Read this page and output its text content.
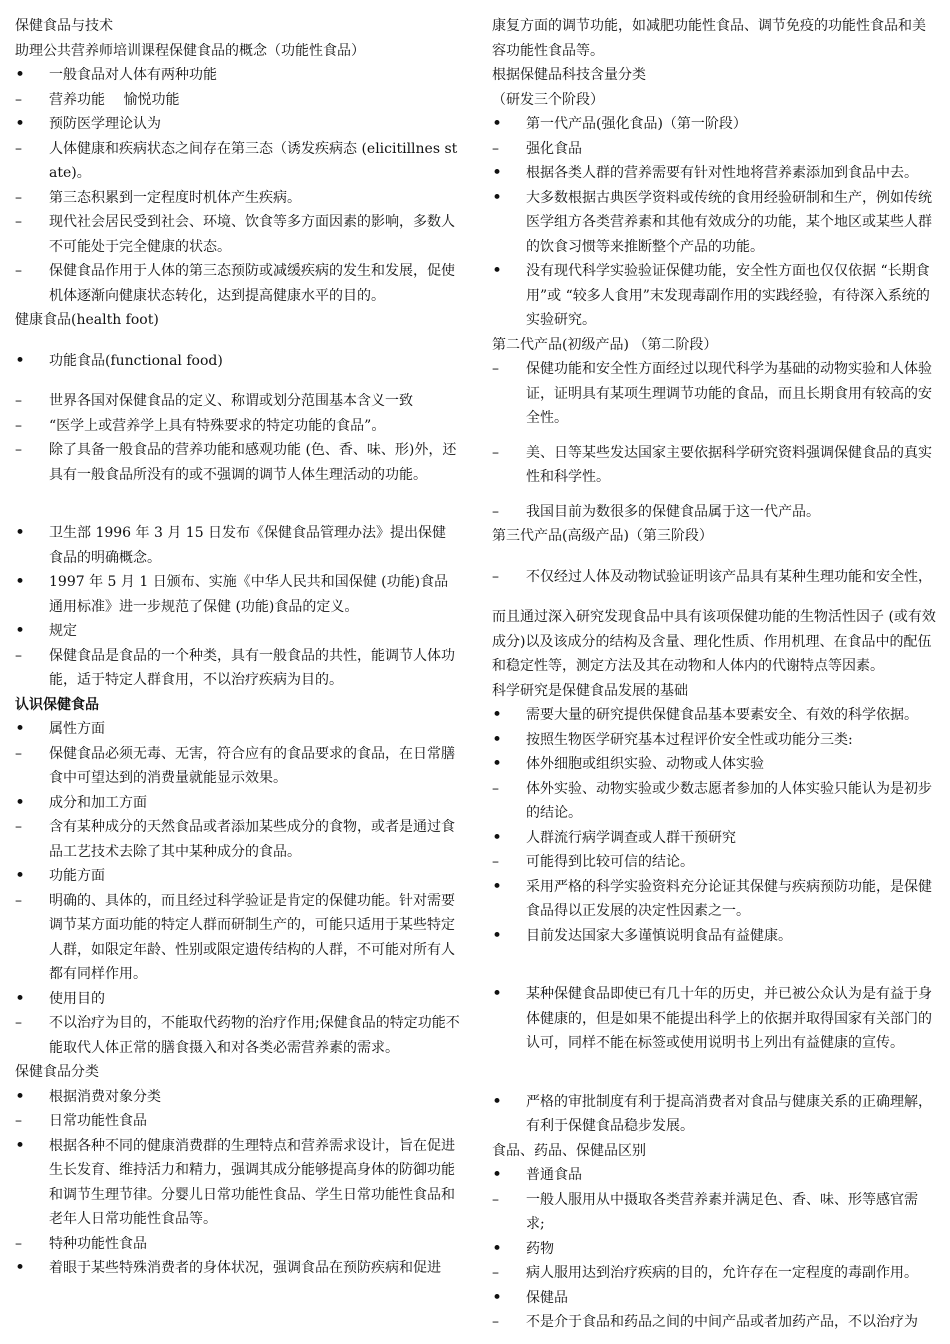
保健食品与技术
助理公共营养师培训课程保健食品的概念（功能性食品）
• 一般食品对人体有两种功能
– 营养功能　 愉悦功能
• 预防医学理论认为
– 人体健康和疾病状态之间存在第三态（诱发疾病态 (elicitillnes state)。
– 第三态积累到一定程度时机体产生疾病。
– 现代社会居民受到社会、环境、饮食等多方面因素的影响，多数人不可能处于完全健康的状态。
– 保健食品作用于人体的第三态预防或减缓疾病的发生和发展，促使机体逐渐向健康状态转化，达到提高健康水平的目的。
健康食品(health foot)
• 功能食品(functional food)
– 世界各国对保健食品的定义、称谓或划分范围基本含义一致
– “医学上或营养学上具有特殊要求的特定功能的食品”。
– 除了具备一般食品的营养功能和感观功能 (色、香、味、形)外，还具有一般食品所没有的或不强调的调节人体生理活动的功能。
• 卫生部 1996 年 3 月 15 日发布《保健食品管理办法》提出保健食品的明确概念。
• 1997 年 5 月 1 日颁布、实施《中华人民共和国保健 (功能)食品通用标准》进一步规范了保健 (功能)食品的定义。
• 规定
– 保健食品是食品的一个种类，具有一般食品的共性，能调节人体功能，适于特定人群食用，不以治疗疾病为目的。
认识保健食品
• 属性方面
– 保健食品必须无毒、无害，符合应有的食品要求的食品，在日常膳食中可望达到的消费量就能显示效果。
• 成分和加工方面
– 含有某种成分的天然食品或者添加某些成分的食物，或者是通过食品工艺技术去除了其中某种成分的食品。
• 功能方面
– 明确的、具体的，而且经过科学验证是肯定的保健功能。针对需要调节某方面功能的特定人群而研制生产的，可能只适用于某些特定人群，如限定年龄、性别或限定遗传结构的人群，不可能对所有人都有同样作用。
• 使用目的
– 不以治疗为目的，不能取代药物的治疗作用;保健食品的特定功能不能取代人体正常的膳食摄入和对各类必需营养素的需求。
保健食品分类
• 根据消费对象分类
– 日常功能性食品
• 根据各种不同的健康消费群的生理特点和营养需求设计，旨在促进生长发育、维持活力和精力，强调其成分能够提高身体的防御功能和调节生理节律。分婴儿日常功能性食品、学生日常功能性食品和老年人日常功能性食品等。
– 特种功能性食品
• 着眼于某些特殊消费者的身体状况，强调食品在预防疾病和促进
康复方面的调节功能，如减肥功能性食品、调节免疫的功能性食品和美容功能性食品等。
根据保健品科技含量分类
（研发三个阶段）
• 第一代产品(强化食品)（第一阶段）
– 强化食品
• 根据各类人群的营养需要有针对性地将营养素添加到食品中去。
• 大多数根据古典医学资料或传统的食用经验研制和生产，例如传统医学组方各类营养素和其他有效成分的功能，某个地区或某些人群的饮食习惯等来推断整个产品的功能。
• 没有现代科学实验验证保健功能，安全性方面也仅仅依据 “长期食用”或 “较多人食用”末发现毒副作用的实践经验，有待深入系统的实验研究。
第二代产品(初级产品) （第二阶段）
– 保健功能和安全性方面经过以现代科学为基础的动物实验和人体验证，证明具有某项生理调节功能的食品，而且长期食用有较高的安全性。
– 美、日等某些发达国家主要依据科学研究资料强调保健食品的真实性和科学性。
– 我国目前为数很多的保健食品属于这一代产品。
第三代产品(高级产品)（第三阶段）
– 不仅经过人体及动物试验证明该产品具有某种生理功能和安全性，
而且通过深入研究发现食品中具有该项保健功能的生物活性因子 (或有效成分)以及该成分的结构及含量、理化性质、作用机理、在食品中的配伍和稳定性等，测定方法及其在动物和人体内的代谢特点等因素。
科学研究是保健食品发展的基础
• 需要大量的研究提供保健食品基本要素安全、有效的科学依据。
• 按照生物医学研究基本过程评价安全性或功能分三类:
• 体外细胞或组织实验、动物或人体实验
– 体外实验、动物实验或少数志愿者参加的人体实验只能认为是初步的结论。
• 人群流行病学调查或人群干预研究
– 可能得到比较可信的结论。
• 采用严格的科学实验资料充分论证其保健与疾病预防功能，是保健食品得以正发展的决定性因素之一。
• 目前发达国家大多谨慎说明食品有益健康。
• 某种保健食品即使已有几十年的历史，并已被公众认为是有益于身体健康的，但是如果不能提出科学上的依据并取得国家有关部门的认可，同样不能在标签或使用说明书上列出有益健康的宣传。
• 严格的审批制度有利于提高消费者对食品与健康关系的正确理解，有利于保健食品稳步发展。
食品、药品、保健品区别
• 普通食品
– 一般人服用从中摄取各类营养素并满足色、香、味、形等感官需求;
• 药物
– 病人服用达到治疗疾病的目的，允许存在一定程度的毒副作用。
• 保健品
– 不是介于食品和药品之间的中间产品或者加药产品，不以治疗为
